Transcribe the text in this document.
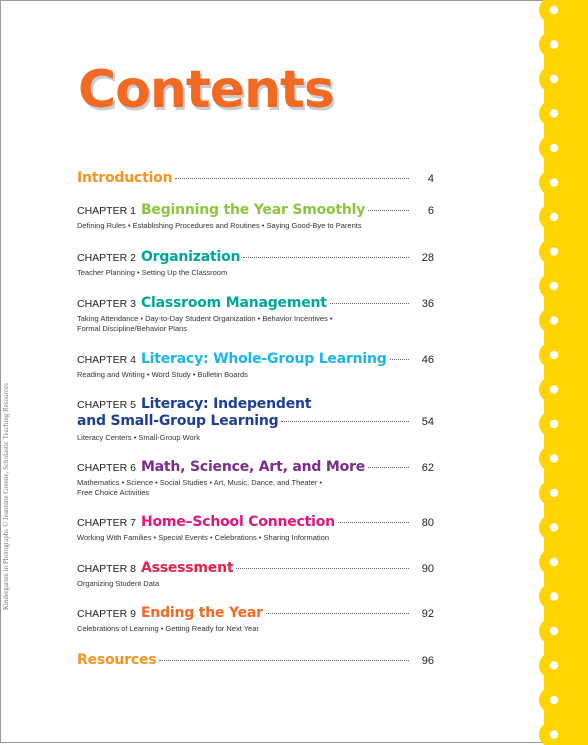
Kindergarten in Photographs © Jeannine Greene, Scholastic Teaching Resources
Contents
Introduction	4
CHAPTER 1 Beginning the Year Smoothly	6
Defining Rules • Establishing Procedures and Routines • Saying Good-Bye to Parents
CHAPTER 2 Organization	28
Teacher Planning • Setting Up the Classroom
CHAPTER 3 Classroom Management	36
Taking Attendance • Day-to-Day Student Organization • Behavior Incentives •
Formal Discipline/Behavior Plans
CHAPTER 4 Literacy: Whole-Group Learning	46
Reading and Writing • Word Study • Bulletin Boards
CHAPTER 5 Literacy: Independent
and Small-Group Learning	54
Literacy Centers • Small-Group Work
CHAPTER 6 Math, Science, Art, and More	62
Mathematics • Science • Social Studies • Art, Music, Dance, and Theater •
Free Choice Activities
CHAPTER 7 Home–School Connection	80
Working With Families • Special Events • Celebrations • Sharing Information
CHAPTER 8 Assessment	90
Organizing Student Data
CHAPTER 9 Ending the Year	92
Celebrations of Learning • Getting Ready for Next Year
Resources	96
